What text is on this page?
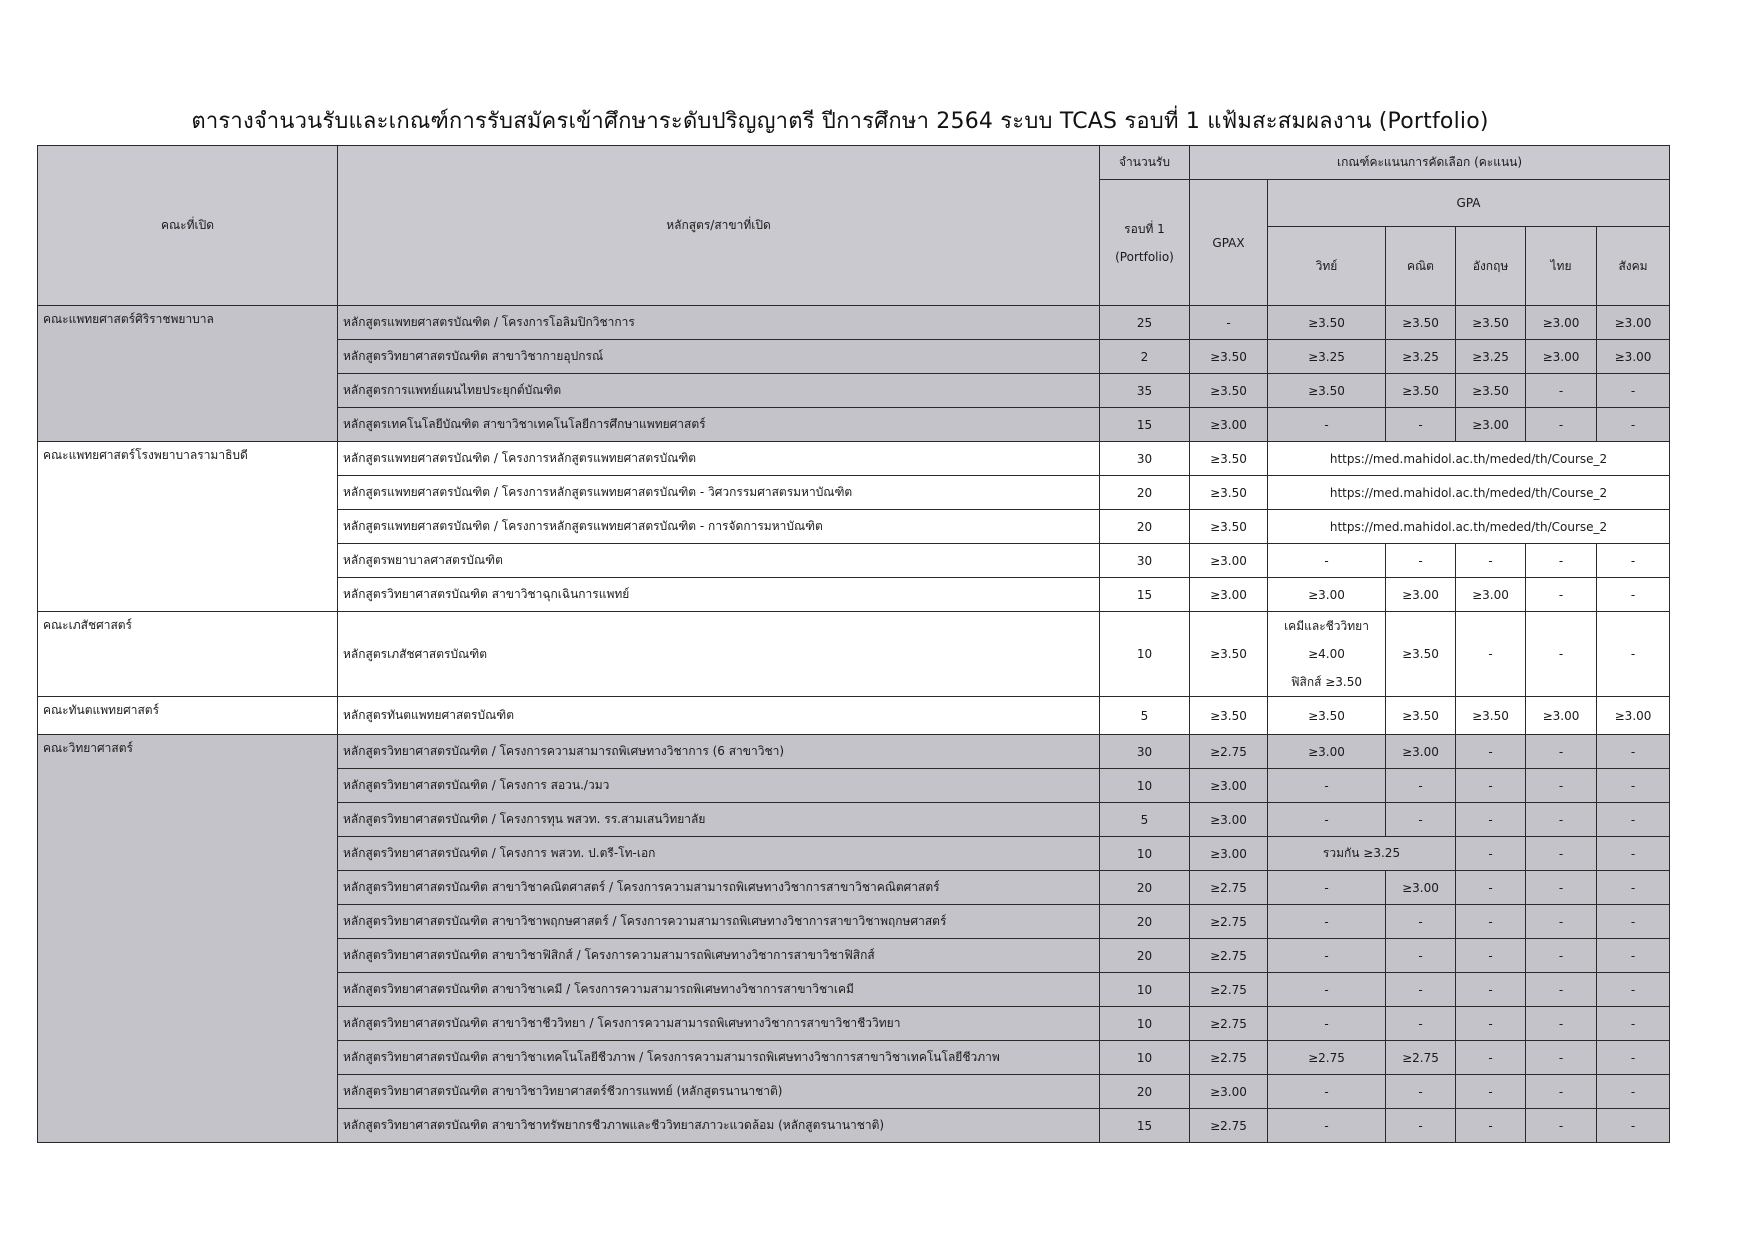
ตารางจำนวนรับและเกณฑ์การรับสมัครเข้าศึกษาระดับปริญญาตรี ปีการศึกษา 2564 ระบบ TCAS รอบที่ 1 แฟ้มสะสมผลงาน (Portfolio)
คณะที่เปิด	หลักสูตร/สาขาที่เปิด	จำนวนรับ	เกณฑ์คะแนนการคัดเลือก (คะแนน)					

		รอบที่ 1
(Portfolio)	GPAX	GPA				
				วิทย์	คณิต	อังกฤษ	ไทย	สังคม
คณะแพทยศาสตร์ศิริราชพยาบาล	หลักสูตรแพทยศาสตรบัณฑิต / โครงการโอลิมปิกวิชาการ	25	-	≥3.50	≥3.50	≥3.50	≥3.00	≥3.00
	หลักสูตรวิทยาศาสตรบัณฑิต สาขาวิชากายอุปกรณ์	2	≥3.50	≥3.25	≥3.25	≥3.25	≥3.00	≥3.00
	หลักสูตรการแพทย์แผนไทยประยุกต์บัณฑิต	35	≥3.50	≥3.50	≥3.50	≥3.50	-	-
	หลักสูตรเทคโนโลยีบัณฑิต สาขาวิชาเทคโนโลยีการศึกษาแพทยศาสตร์	15	≥3.00	-	-	≥3.00	-	-
คณะแพทยศาสตร์โรงพยาบาลรามาธิบดี	หลักสูตรแพทยศาสตรบัณฑิต / โครงการหลักสูตรแพทยศาสตรบัณฑิต	30	≥3.50	https://med.mahidol.ac.th/meded/th/Course_2				
	หลักสูตรแพทยศาสตรบัณฑิต / โครงการหลักสูตรแพทยศาสตรบัณฑิต - วิศวกรรมศาสตรมหาบัณฑิต	20	≥3.50	https://med.mahidol.ac.th/meded/th/Course_2				
	หลักสูตรแพทยศาสตรบัณฑิต / โครงการหลักสูตรแพทยศาสตรบัณฑิต - การจัดการมหาบัณฑิต	20	≥3.50	https://med.mahidol.ac.th/meded/th/Course_2				
	หลักสูตรพยาบาลศาสตรบัณฑิต	30	≥3.00	-	-	-	-	-
	หลักสูตรวิทยาศาสตรบัณฑิต สาขาวิชาฉุกเฉินการแพทย์	15	≥3.00	≥3.00	≥3.00	≥3.00	-	-
คณะเภสัชศาสตร์	หลักสูตรเภสัชศาสตรบัณฑิต	10	≥3.50	เคมีและชีววิทยา
≥4.00
ฟิสิกส์ ≥3.50	≥3.50	-	-	-
คณะทันตแพทยศาสตร์	หลักสูตรทันตแพทยศาสตรบัณฑิต	5	≥3.50	≥3.50	≥3.50	≥3.50	≥3.00	≥3.00
คณะวิทยาศาสตร์	หลักสูตรวิทยาศาสตรบัณฑิต / โครงการความสามารถพิเศษทางวิชาการ (6 สาขาวิชา)	30	≥2.75	≥3.00	≥3.00	-	-	-
	หลักสูตรวิทยาศาสตรบัณฑิต / โครงการ สอวน./วมว	10	≥3.00	-	-	-	-	-
	หลักสูตรวิทยาศาสตรบัณฑิต / โครงการทุน พสวท. รร.สามเสนวิทยาลัย	5	≥3.00	-	-	-	-	-
	หลักสูตรวิทยาศาสตรบัณฑิต / โครงการ พสวท. ป.ตรี-โท-เอก	10	≥3.00	รวมกัน ≥3.25		-	-	-
	หลักสูตรวิทยาศาสตรบัณฑิต สาขาวิชาคณิตศาสตร์ / โครงการความสามารถพิเศษทางวิชาการสาขาวิชาคณิตศาสตร์	20	≥2.75	-	≥3.00	-	-	-
	หลักสูตรวิทยาศาสตรบัณฑิต สาขาวิชาพฤกษศาสตร์ / โครงการความสามารถพิเศษทางวิชาการสาขาวิชาพฤกษศาสตร์	20	≥2.75	-	-	-	-	-
	หลักสูตรวิทยาศาสตรบัณฑิต สาขาวิชาฟิสิกส์ / โครงการความสามารถพิเศษทางวิชาการสาขาวิชาฟิสิกส์	20	≥2.75	-	-	-	-	-
	หลักสูตรวิทยาศาสตรบัณฑิต สาขาวิชาเคมี / โครงการความสามารถพิเศษทางวิชาการสาขาวิชาเคมี	10	≥2.75	-	-	-	-	-
	หลักสูตรวิทยาศาสตรบัณฑิต สาขาวิชาชีววิทยา / โครงการความสามารถพิเศษทางวิชาการสาขาวิชาชีววิทยา	10	≥2.75	-	-	-	-	-
	หลักสูตรวิทยาศาสตรบัณฑิต สาขาวิชาเทคโนโลยีชีวภาพ / โครงการความสามารถพิเศษทางวิชาการสาขาวิชาเทคโนโลยีชีวภาพ	10	≥2.75	≥2.75	≥2.75	-	-	-
	หลักสูตรวิทยาศาสตรบัณฑิต สาขาวิชาวิทยาศาสตร์ชีวการแพทย์ (หลักสูตรนานาชาติ)	20	≥3.00	-	-	-	-	-
	หลักสูตรวิทยาศาสตรบัณฑิต สาขาวิชาทรัพยากรชีวภาพและชีววิทยาสภาวะแวดล้อม (หลักสูตรนานาชาติ)	15	≥2.75	-	-	-	-	-
